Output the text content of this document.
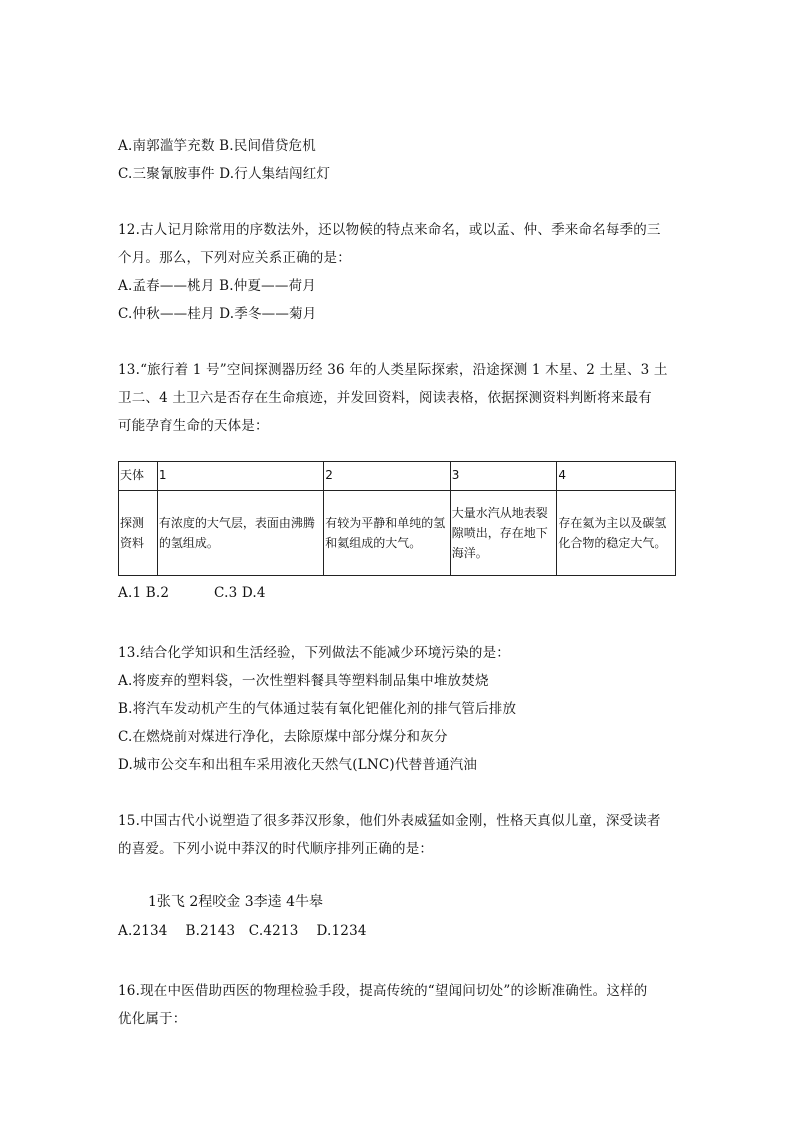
A.南郭滥竽充数 B.民间借贷危机
C.三聚氰胺事件 D.行人集结闯红灯
12.古人记月除常用的序数法外，还以物候的特点来命名，或以孟、仲、季来命名每季的三
个月。那么，下列对应关系正确的是：
A.孟春——桃月 B.仲夏——荷月
C.仲秋——桂月 D.季冬——菊月
13.“旅行着 1 号”空间探测器历经 36 年的人类星际探索，沿途探测 1 木星、2 土星、3 土
卫二、4 土卫六是否存在生命痕迹，并发回资料，阅读表格，依据探测资料判断将来最有
可能孕育生命的天体是：
天体	1	2	3	4
探测资料	有浓度的大气层，表面由沸腾的氢组成。	有较为平静和单纯的氢和氦组成的大气。	大量水汽从地表裂隙喷出，存在地下海洋。	存在氦为主以及碳氢化合物的稳定大气。
A.1 B.2          C.3 D.4
13.结合化学知识和生活经验，下列做法不能减少环境污染的是：
A.将废弃的塑料袋，一次性塑料餐具等塑料制品集中堆放焚烧
B.将汽车发动机产生的气体通过装有氧化钯催化剂的排气管后排放
C.在燃烧前对煤进行净化，去除原煤中部分煤分和灰分
D.城市公交车和出租车采用液化天然气(LNC)代替普通汽油
15.中国古代小说塑造了很多莽汉形象，他们外表威猛如金刚，性格天真似儿童，深受读者
的喜爱。下列小说中莽汉的时代顺序排列正确的是：
1张飞 2程咬金 3李逵 4牛皋
A.2134    B.2143   C.4213    D.1234
16.现在中医借助西医的物理检验手段，提高传统的“望闻问切处”的诊断准确性。这样的
优化属于：
